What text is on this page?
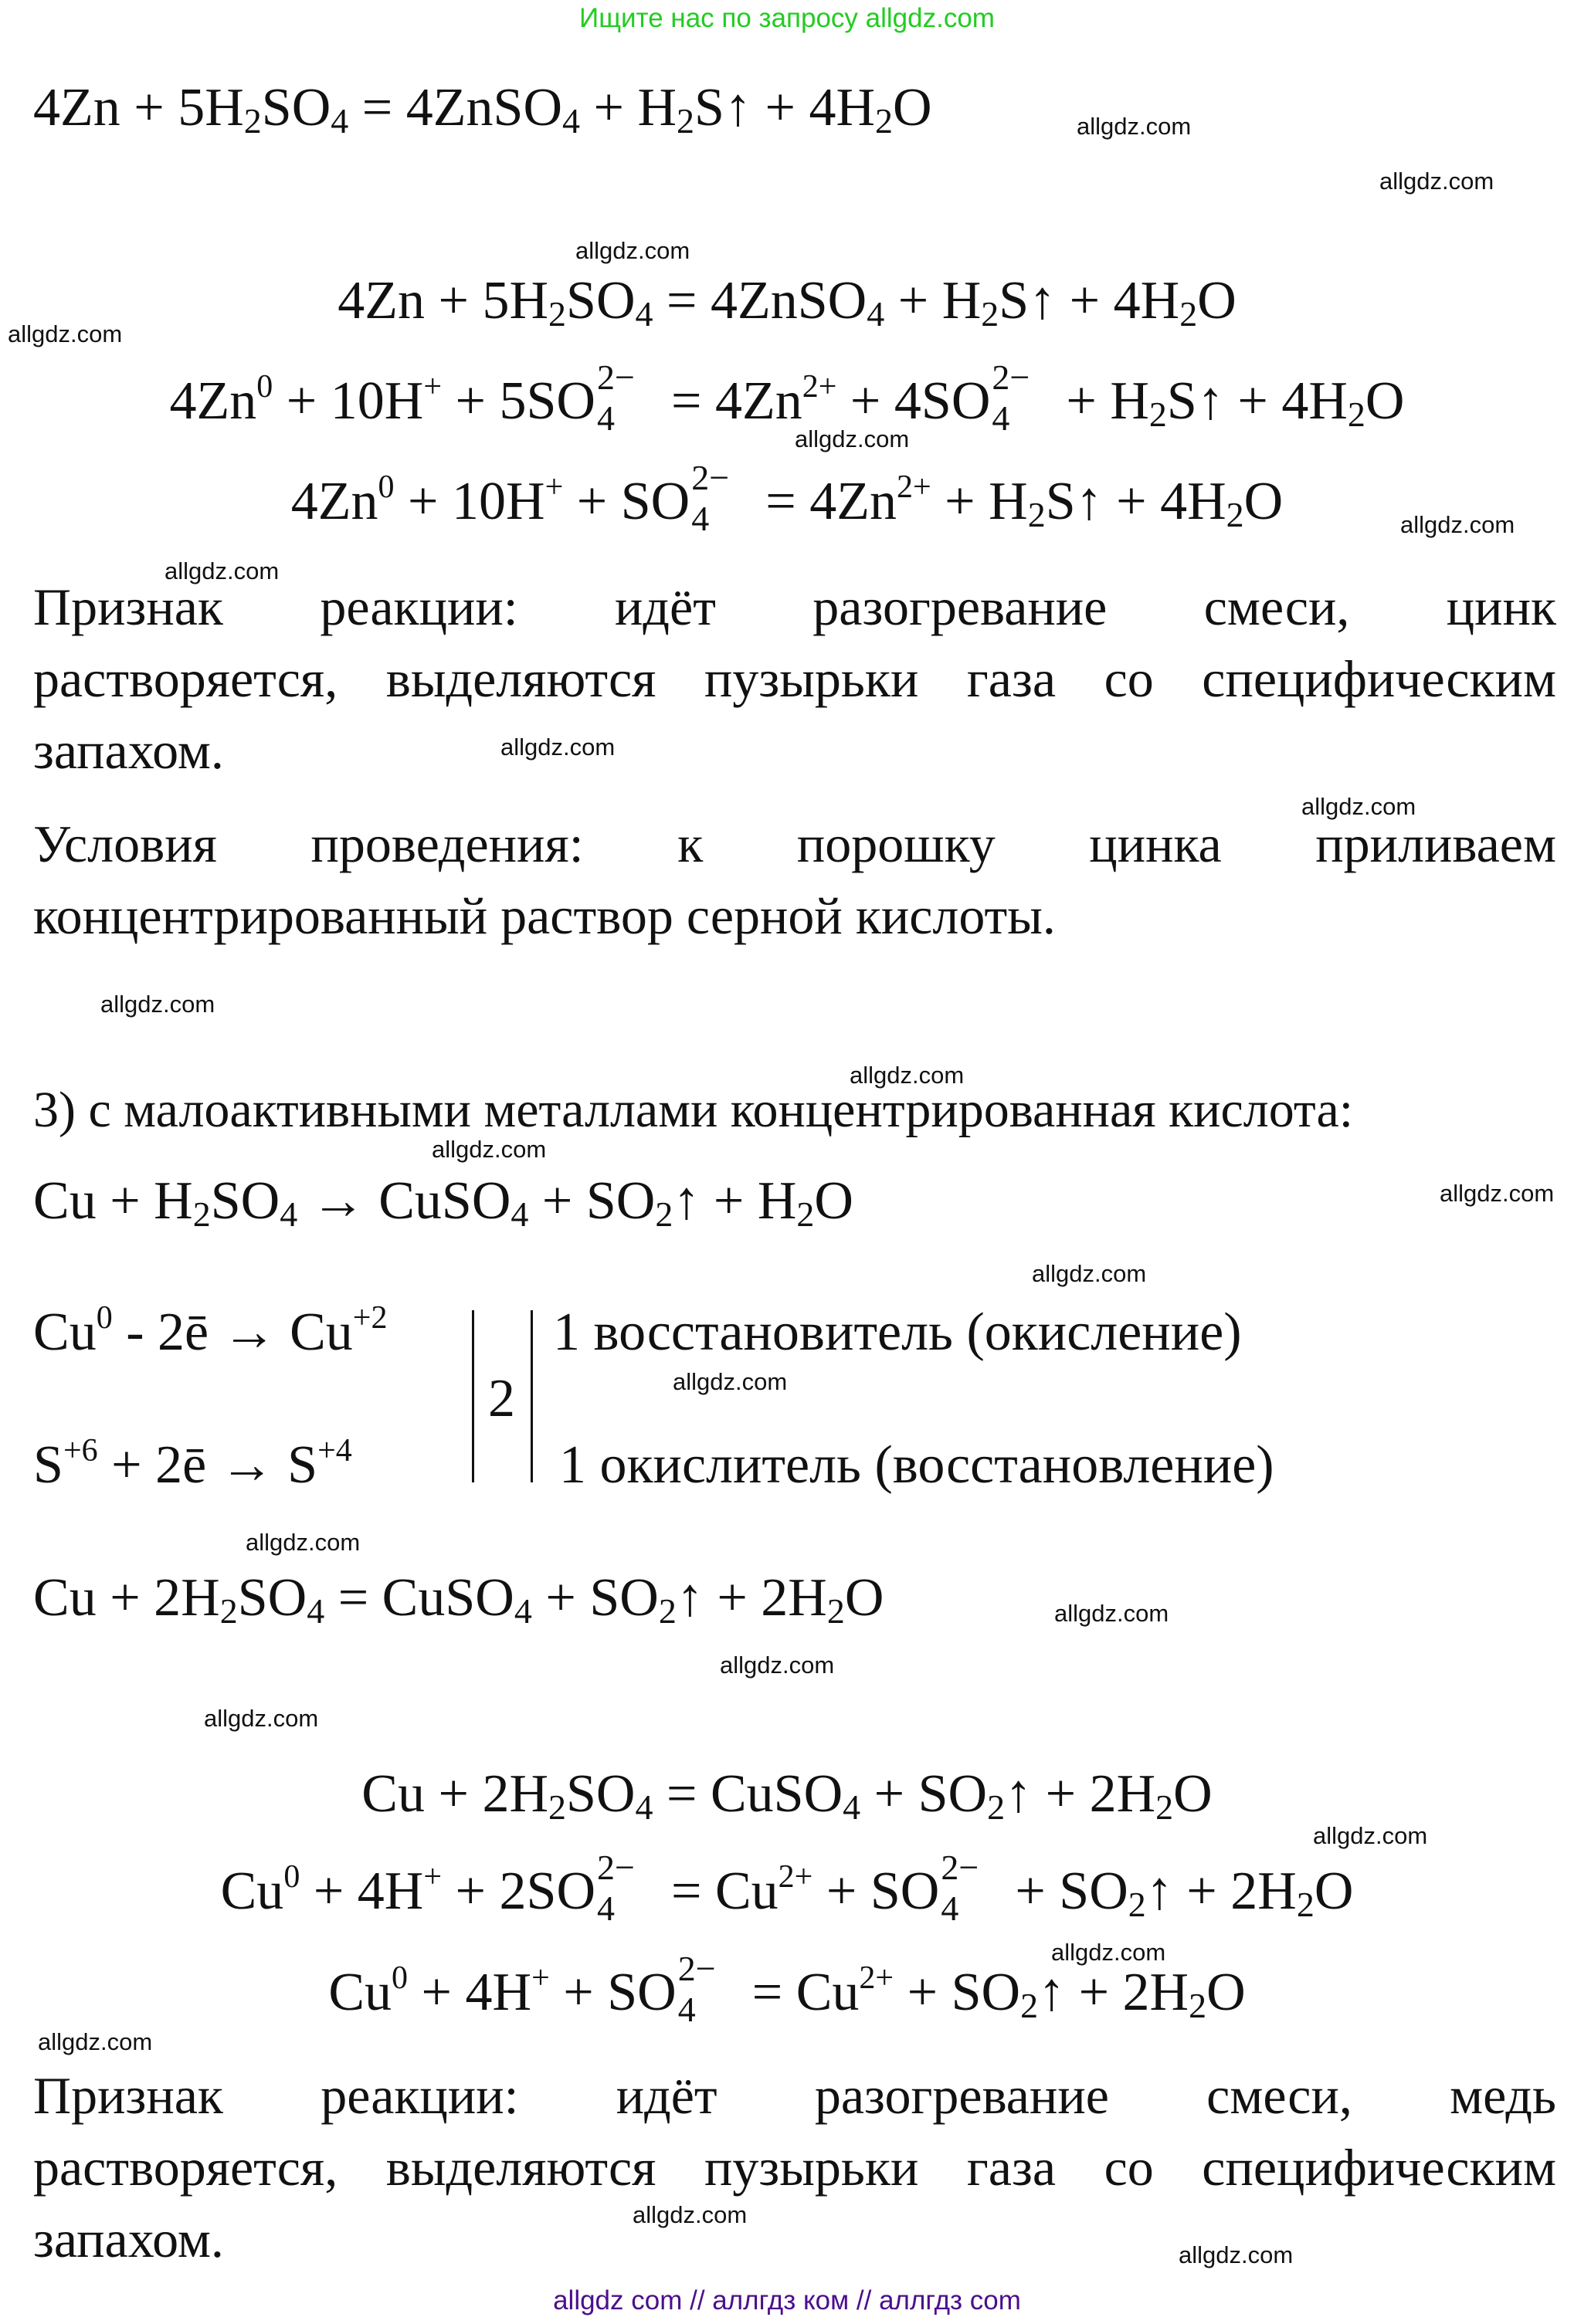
Ищите нас по запросу allgdz.com
$4Zn + 5H_2SO_4$ = 4ZnSO$_4$ + $H_2S↑ + 4H_2O$
$4Zn + 5H_2SO_4$ = 4ZnSO$_4$ + $H_2S↑ + 4H_2O$
$4Zn^0 + 10H^+ + 5SO$ 2−
$4 = 4Zn^{2+} + 4SO$ 2−
$4 + H_2S↑ + 4H_2O$
$4Zn^0 + 10H^+$ + SO 2−
$4 = 4Zn^{2+}$ + $H_2S↑ + 4H_2O$
Признак реакции: идёт разогревание смеси, цинк
растворяется, выделяются пузырьки газа со специфическим
запахом.
Условия проведения: к порошку цинка приливаем
концентрированный раствор серной кислоты.
3) с малоактивными металлами концентрированная кислота:
$Cu + H_2SO_4$ → CuSO$_4$ + $SO_2↑ + H_2O$
Cu$^0$ - 2ē → $Cu^{+2}$
$S^{+6}$ + 2ē → $S^{+4}$
2
1 восстановитель (окисление)
1 окислитель (восстановление)
$Cu + 2H_2SO_4$ = CuSO$_4$ + $SO_2↑ + 2H_2O$
$Cu + 2H_2SO_4$ = CuSO$_4$ + $SO_2↑ + 2H_2O$
$Cu^0 + 4H^+ + 2SO$ 2−
$4 = Cu^{2+}$ + SO 2−
$4 + SO_2↑ + 2H_2O$
$Cu^0 + 4H^+$ + SO 2−
$4 = Cu^{2+}$ + $SO_2↑ + 2H_2O$
Признак реакции: идёт разогревание смеси, медь
растворяется, выделяются пузырьки газа со специфическим
запахом.
allgdz.com
allgdz.com
allgdz.com
allgdz.com
allgdz.com
allgdz.com
allgdz.com
allgdz.com
allgdz.com
allgdz.com
allgdz.com
allgdz.com
allgdz.com
allgdz.com
allgdz.com
allgdz.com
allgdz.com
allgdz.com
allgdz.com
allgdz.com
allgdz.com
allgdz.com
allgdz.com
allgdz.com
allgdz com // аллгдз ком // аллгдз com
